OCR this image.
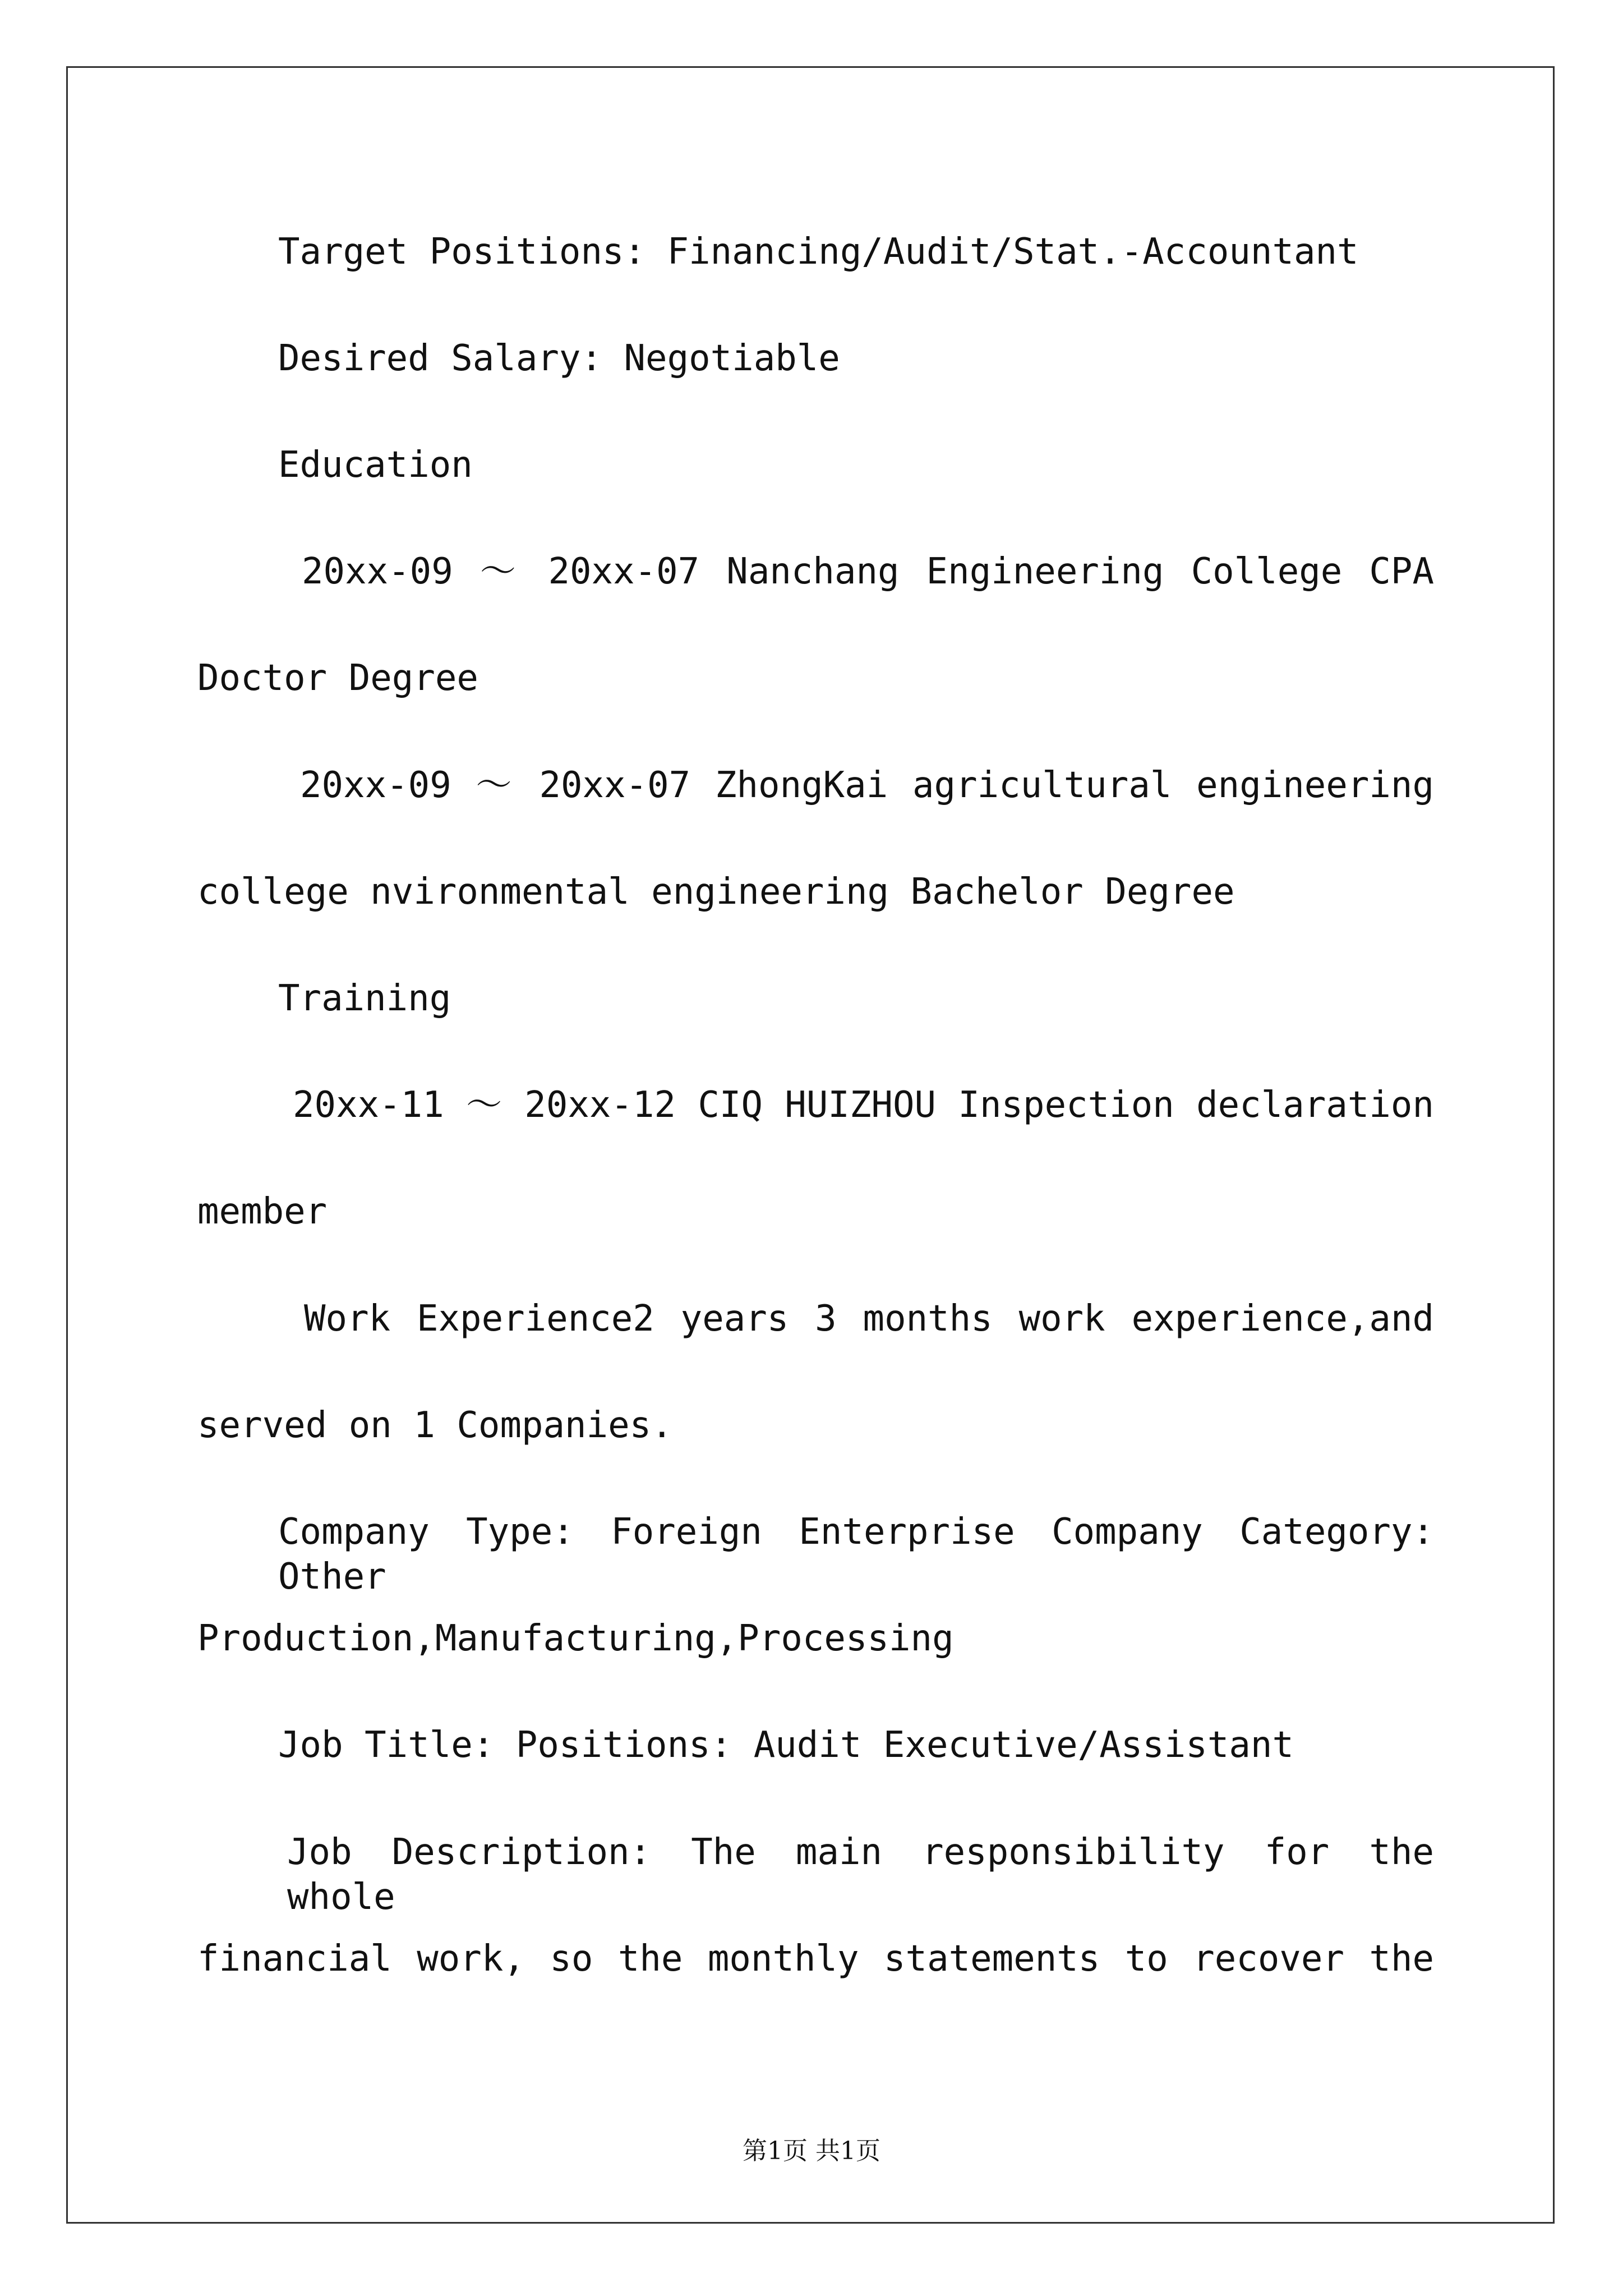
Target Positions: Financing/Audit/Stat.-Accountant
Desired Salary: Negotiable
Education
20xx-09 ～ 20xx-07 Nanchang Engineering College CPA
Doctor Degree
20xx-09 ～ 20xx-07 ZhongKai agricultural engineering
college nvironmental engineering Bachelor Degree
Training
20xx-11 ～ 20xx-12 CIQ HUIZHOU Inspection declaration
member
Work Experience2 years 3 months work experience,and
served on 1 Companies.
Company Type: Foreign Enterprise Company Category: Other
Production,Manufacturing,Processing
Job Title: Positions: Audit Executive/Assistant
Job Description: The main responsibility for the whole
financial work, so the monthly statements to recover the
第1页 共1页
